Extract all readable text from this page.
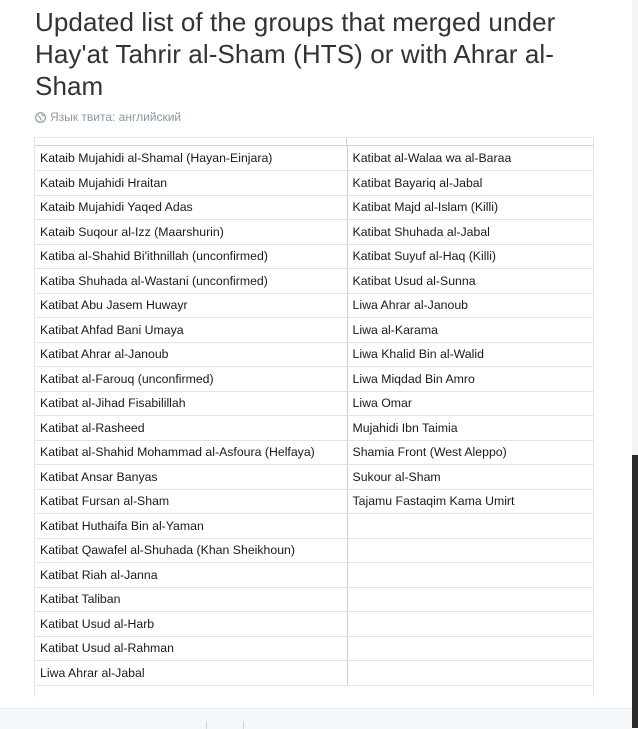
Updated list of the groups that merged under Hay'at Tahrir al-Sham (HTS) or with Ahrar al-Sham
Язык твита: английский
Kataib Mujahidi al-Shamal (Hayan-Einjara)	Katibat al-Walaa wa al-Baraa
Kataib Mujahidi Hraitan	Katibat Bayariq al-Jabal
Kataib Mujahidi Yaqed Adas	Katibat Majd al-Islam (Killi)
Kataib Suqour al-Izz (Maarshurin)	Katibat Shuhada al-Jabal
Katiba al-Shahid Bi'ithnillah (unconfirmed)	Katibat Suyuf al-Haq (Killi)
Katiba Shuhada al-Wastani (unconfirmed)	Katibat Usud al-Sunna
Katibat Abu Jasem Huwayr	Liwa Ahrar al-Janoub
Katibat Ahfad Bani Umaya	Liwa al-Karama
Katibat Ahrar al-Janoub	Liwa Khalid Bin al-Walid
Katibat al-Farouq (unconfirmed)	Liwa Miqdad Bin Amro
Katibat al-Jihad Fisabilillah	Liwa Omar
Katibat al-Rasheed	Mujahidi Ibn Taimia
Katibat al-Shahid Mohammad al-Asfoura (Helfaya)	Shamia Front (West Aleppo)
Katibat Ansar Banyas	Sukour al-Sham
Katibat Fursan al-Sham	Tajamu Fastaqim Kama Umirt
Katibat Huthaifa Bin al-Yaman	
Katibat Qawafel al-Shuhada (Khan Sheikhoun)	
Katibat Riah al-Janna	
Katibat Taliban	
Katibat Usud al-Harb	
Katibat Usud al-Rahman	
Liwa Ahrar al-Jabal	
